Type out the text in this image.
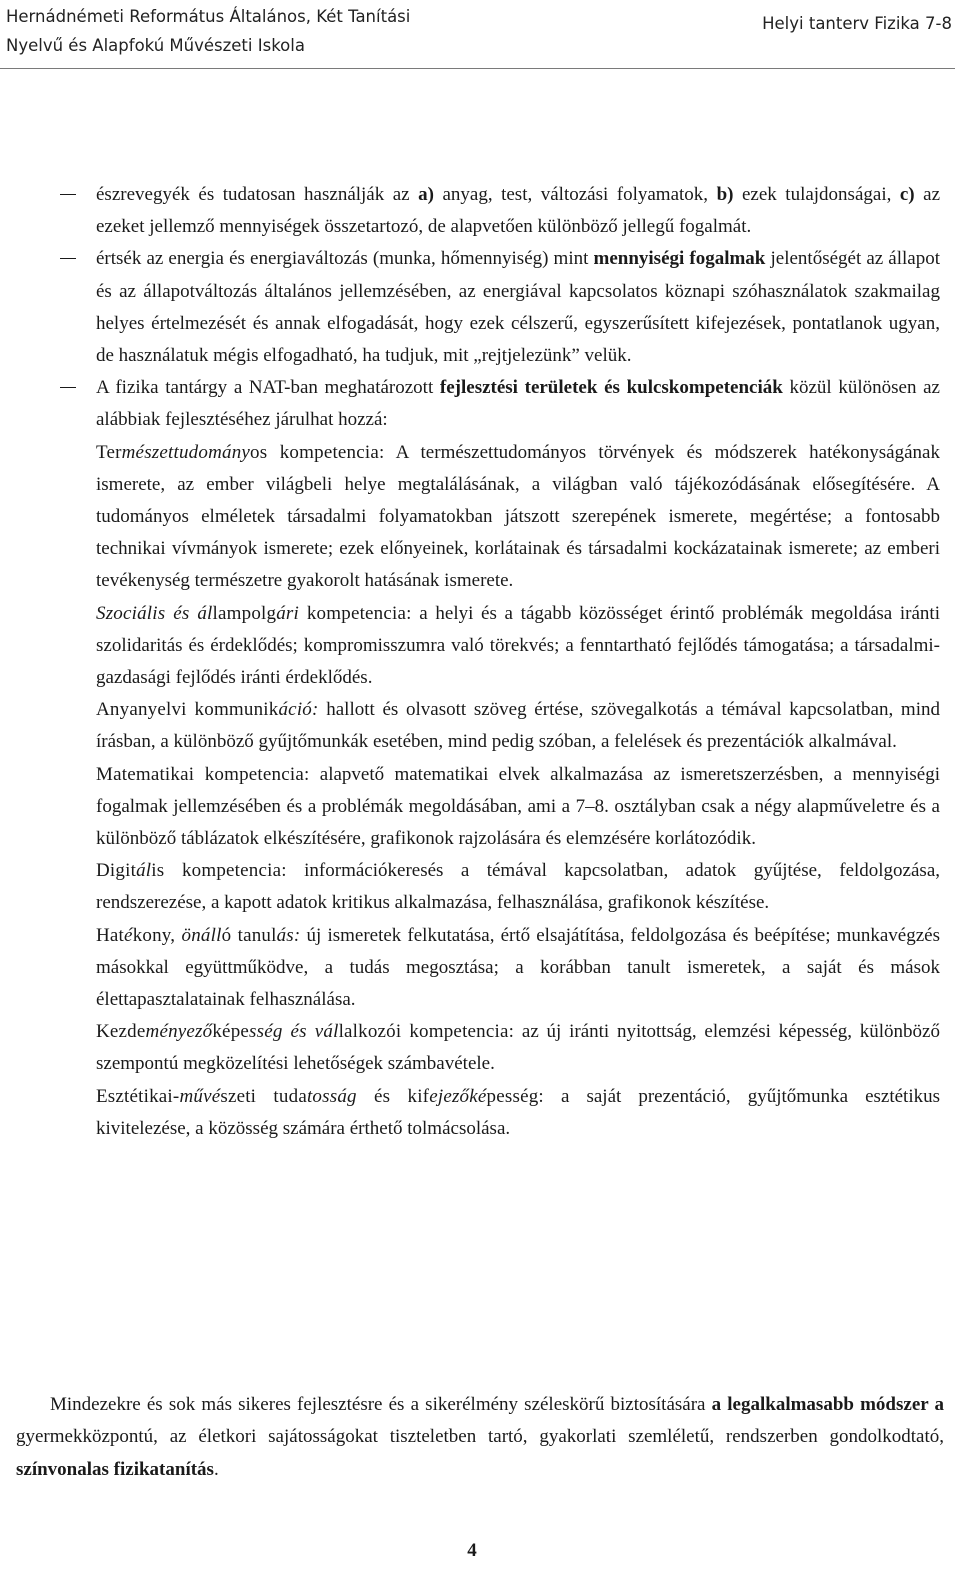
Hernádnémeti Református Általános, Két Tanítási
Nyelvű és Alapfokú Művészeti Iskola
Helyi tanterv Fizika 7-8
észrevegyék és tudatosan használják az a) anyag, test, változási folyamatok, b) ezek tulajdonságai, c) az ezeket jellemző mennyiségek összetartozó, de alapvetően különböző jellegű fogalmát.
értsék az energia és energiaváltozás (munka, hőmennyiség) mint mennyiségi fogalmak jelentőségét az állapot és az állapotváltozás általános jellemzésében, az energiával kapcsolatos köznapi szóhasználatok szakmailag helyes értelmezését és annak elfogadását, hogy ezek célszerű, egyszerűsített kifejezések, pontatlanok ugyan, de használatuk mégis elfogadható, ha tudjuk, mit „rejtjelezünk” velük.
A fizika tantárgy a NAT-ban meghatározott fejlesztési területek és kulcskompetenciák közül különösen az alábbiak fejlesztéséhez járulhat hozzá:

Természettudományos kompetencia: A természettudományos törvények és módszerek hatékonyságának ismerete, az ember világbeli helye megtalálásának, a világban való tájékozódásának elősegítésére. A tudományos elméletek társadalmi folyamatokban játszott szerepének ismerete, megértése; a fontosabb technikai vívmányok ismerete; ezek előnyeinek, korlátainak és társadalmi kockázatainak ismerete; az emberi tevékenység természetre gyakorolt hatásának ismerete.

Szociális és állampolgári kompetencia: a helyi és a tágabb közösséget érintő problémák megoldása iránti szolidaritás és érdeklődés; kompromisszumra való törekvés; a fenntartható fejlődés támogatása; a társadalmi-gazdasági fejlődés iránti érdeklődés.

Anyanyelvi kommunikáció: hallott és olvasott szöveg értése, szövegalkotás a témával kapcsolatban, mind írásban, a különböző gyűjtőmunkák esetében, mind pedig szóban, a felelések és prezentációk alkalmával.

Matematikai kompetencia: alapvető matematikai elvek alkalmazása az ismeretszerzésben, a mennyiségi fogalmak jellemzésében és a problémák megoldásában, ami a 7–8. osztályban csak a négy alapműveletre és a különböző táblázatok elkészítésére, grafikonok rajzolására és elemzésére korlátozódik.

Digitális kompetencia: információkeresés a témával kapcsolatban, adatok gyűjtése, feldolgozása, rendszerezése, a kapott adatok kritikus alkalmazása, felhasználása, grafikonok készítése.

Hatékony, önálló tanulás: új ismeretek felkutatása, értő elsajátítása, feldolgozása és beépítése; munkavégzés másokkal együttműködve, a tudás megosztása; a korábban tanult ismeretek, a saját és mások élettapasztalatainak felhasználása.

Kezdeményezőképesség és vállalkozói kompetencia: az új iránti nyitottság, elemzési képesség, különböző szempontú megközelítési lehetőségek számbavétele.

Esztétikai-művészeti tudatosság és kifejezőképesség: a saját prezentáció, gyűjtőmunka esztétikus kivitelezése, a közösség számára érthető tolmácsolása.

Mindezekre és sok más sikeres fejlesztésre és a sikerélmény széleskörű biztosítására a legalkalmasabb módszer a gyermekközpontú, az életkori sajátosságokat tiszteletben tartó, gyakorlati szemléletű, rendszerben gondolkodtató, színvonalas fizikatanítás.
4
